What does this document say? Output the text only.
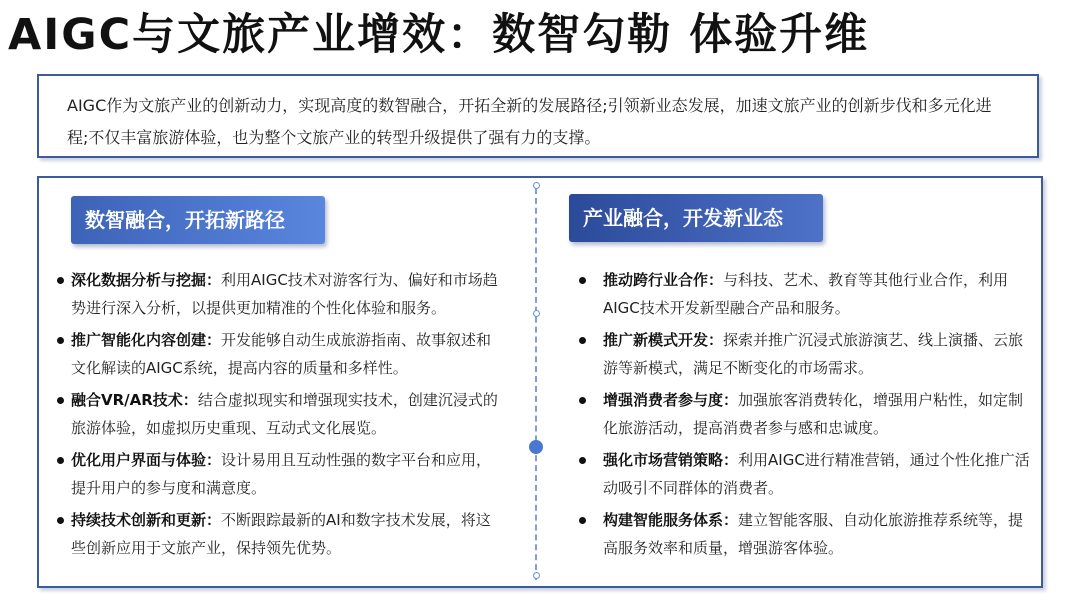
AIGC与文旅产业增效：数智勾勒 体验升维
AIGC作为文旅产业的创新动力，实现高度的数智融合，开拓全新的发展路径;引领新业态发展，加速文旅产业的创新步伐和多元化进程;不仅丰富旅游体验，也为整个文旅产业的转型升级提供了强有力的支撑。
数智融合，开拓新路径	产业融合，开发新业态
深化数据分析与挖掘：利用AIGC技术对游客行为、偏好和市场趋势进行深入分析，以提供更加精准的个性化体验和服务。
推广智能化内容创建：开发能够自动生成旅游指南、故事叙述和文化解读的AIGC系统，提高内容的质量和多样性。
融合VR/AR技术：结合虚拟现实和增强现实技术，创建沉浸式的旅游体验，如虚拟历史重现、互动式文化展览。
优化用户界面与体验：设计易用且互动性强的数字平台和应用，提升用户的参与度和满意度。
持续技术创新和更新：不断跟踪最新的AI和数字技术发展，将这些创新应用于文旅产业，保持领先优势。
推动跨行业合作：与科技、艺术、教育等其他行业合作，利用AIGC技术开发新型融合产品和服务。
推广新模式开发：探索并推广沉浸式旅游演艺、线上演播、云旅游等新模式，满足不断变化的市场需求。
增强消费者参与度：加强旅客消费转化，增强用户粘性，如定制化旅游活动，提高消费者参与感和忠诚度。
强化市场营销策略：利用AIGC进行精准营销，通过个性化推广活动吸引不同群体的消费者。
构建智能服务体系：建立智能客服、自动化旅游推荐系统等，提高服务效率和质量，增强游客体验。
